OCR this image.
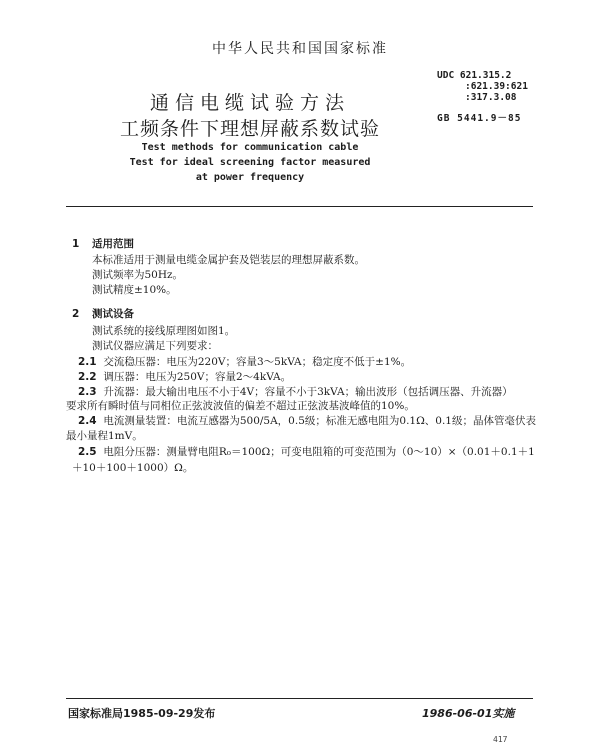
中华人民共和国国家标准
UDC 621.315.2
:621.39:621
:317.3.08
GB 5441.9－85
通信电缆试验方法
工频条件下理想屏蔽系数试验
Test methods for communication cable
Test for ideal screening factor measured
at power frequency
1 适用范围
本标准适用于测量电缆金属护套及铠装层的理想屏蔽系数。
测试频率为50Hz。
测试精度±10%。
2 测试设备
测试系统的接线原理图如图1。
测试仪器应满足下列要求：
2.1 交流稳压器：电压为220V；容量3～5kVA；稳定度不低于±1%。
2.2 调压器：电压为250V；容量2～4kVA。
2.3 升流器：最大输出电压不小于4V；容量不小于3kVA；输出波形（包括调压器、升流器）
要求所有瞬时值与同相位正弦波波值的偏差不超过正弦波基波峰值的10%。
2.4 电流测量装置：电流互感器为500/5A，0.5级；标准无感电阻为0.1Ω、0.1级；晶体管毫伏表
最小量程1mV。
2.5 电阻分压器：测量臂电阻R₀＝100Ω；可变电阻箱的可变范围为（0～10）×（0.01＋0.1＋1
＋10＋100＋1000）Ω。
国家标准局1985-09-29发布	1986-06-01实施
417
